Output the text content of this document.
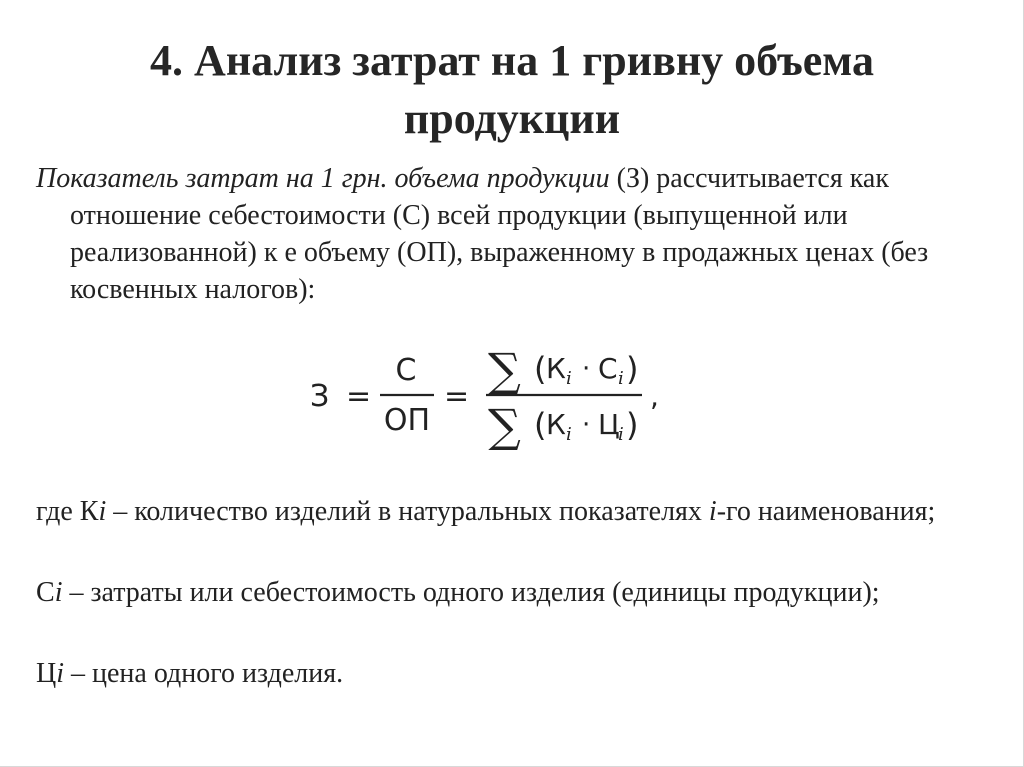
4. Анализ затрат на 1 гривну объема продукции
Показатель затрат на 1 грн. объема продукции (З) рассчитывается как отношение себестоимости (С) всей продукции (выпущенной или реализованной) к е объему (ОП), выраженному в продажных ценах (без косвенных налогов):
З =
С
ОП
= ∑ ( К i · С i )
∑ ( К i · Ц
i )
,
где Кi – количество изделий в натуральных показателях i-го наименования;
Сi – затраты или себестоимость одного изделия (единицы продукции);
Цi – цена одного изделия.
